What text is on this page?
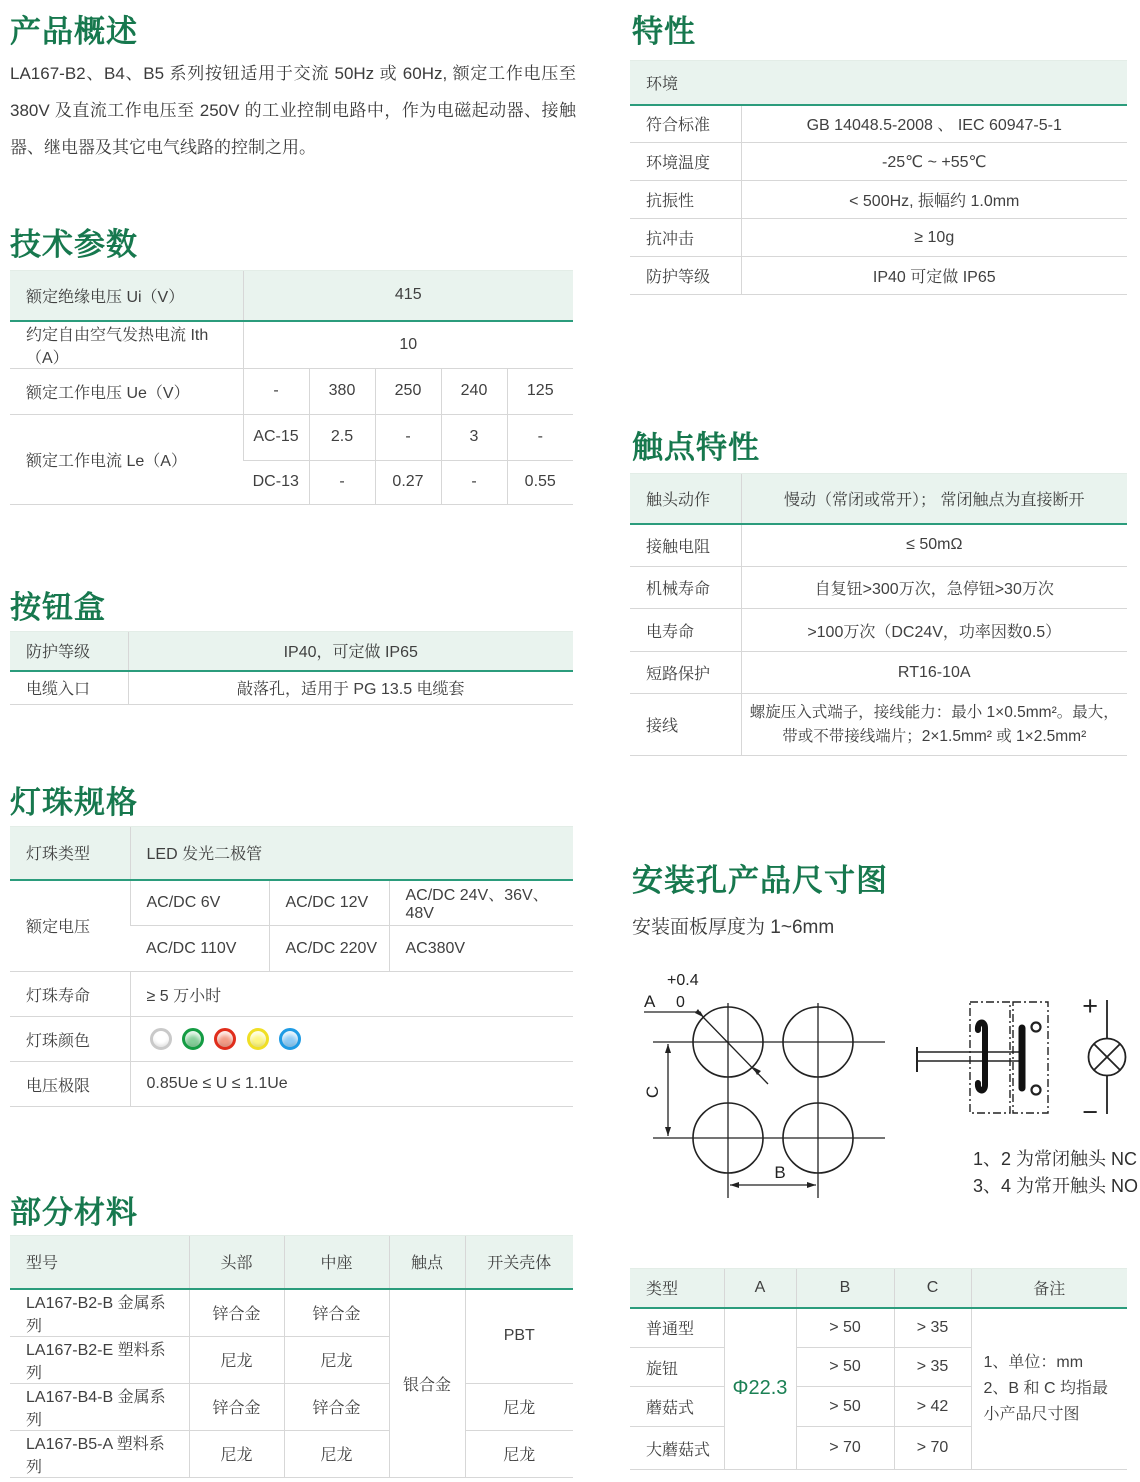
产品概述
LA167-B2、B4、B5 系列按钮适用于交流 50Hz 或 60Hz, 额定工作电压至 380V 及直流工作电压至 250V 的工业控制电路中，作为电磁起动器、接触器、继电器及其它电气线路的控制之用。
技术参数
额定绝缘电压 Ui（V）	415				
约定自由空气发热电流 Ith（A）	10				
额定工作电压 Ue（V）	-	380	250	240	125
额定工作电流 Le（A）	AC-15	2.5	-	3	-
	DC-13	-	0.27	-	0.55
按钮盒
防护等级	IP40，可定做 IP65
电缆入口	敲落孔，适用于 PG 13.5 电缆套
灯珠规格
灯珠类型	LED 发光二极管		
额定电压	AC/DC 6V	AC/DC 12V	AC/DC 24V、36V、48V
	AC/DC 110V	AC/DC 220V	AC380V
灯珠寿命	≥ 5 万小时		
灯珠颜色			
电压极限	0.85Ue ≤ U ≤ 1.1Ue		
部分材料
型号	头部	中座	触点	开关壳体
LA167-B2-B 金属系列	锌合金	锌合金	银合金	PBT
LA167-B2-E 塑料系列	尼龙	尼龙		
LA167-B4-B 金属系列	锌合金	锌合金		尼龙
LA167-B5-A 塑料系列	尼龙	尼龙		尼龙
特性
环境	
符合标准	GB 14048.5-2008 、 IEC 60947-5-1
环境温度	-25℃ ~ +55℃
抗振性	< 500Hz, 振幅约 1.0mm
抗冲击	≥ 10g
防护等级	IP40 可定做 IP65
触点特性
触头动作	慢动（常闭或常开）； 常闭触点为直接断开
接触电阻	≤ 50mΩ
机械寿命	自复钮>300万次，急停钮>30万次
电寿命	>100万次（DC24V，功率因数0.5）
短路保护	RT16-10A
接线	螺旋压入式端子，接线能力：最小 1×0.5mm²。最大，带或不带接线端片；2×1.5mm² 或 1×2.5mm²
安装孔产品尺寸图
安装面板厚度为 1~6mm
C
B
A
+0.4
0	+
−
1、2 为常闭触头 NC
3、4 为常开触头 NO
类型	A	B	C	备注
普通型	Φ22.3	> 50	> 35	1、单位：mm
2、B 和 C 均指最小产品尺寸图

旋钮		> 50	> 35	
蘑菇式		> 50	> 42	
大蘑菇式		> 70	> 70	
